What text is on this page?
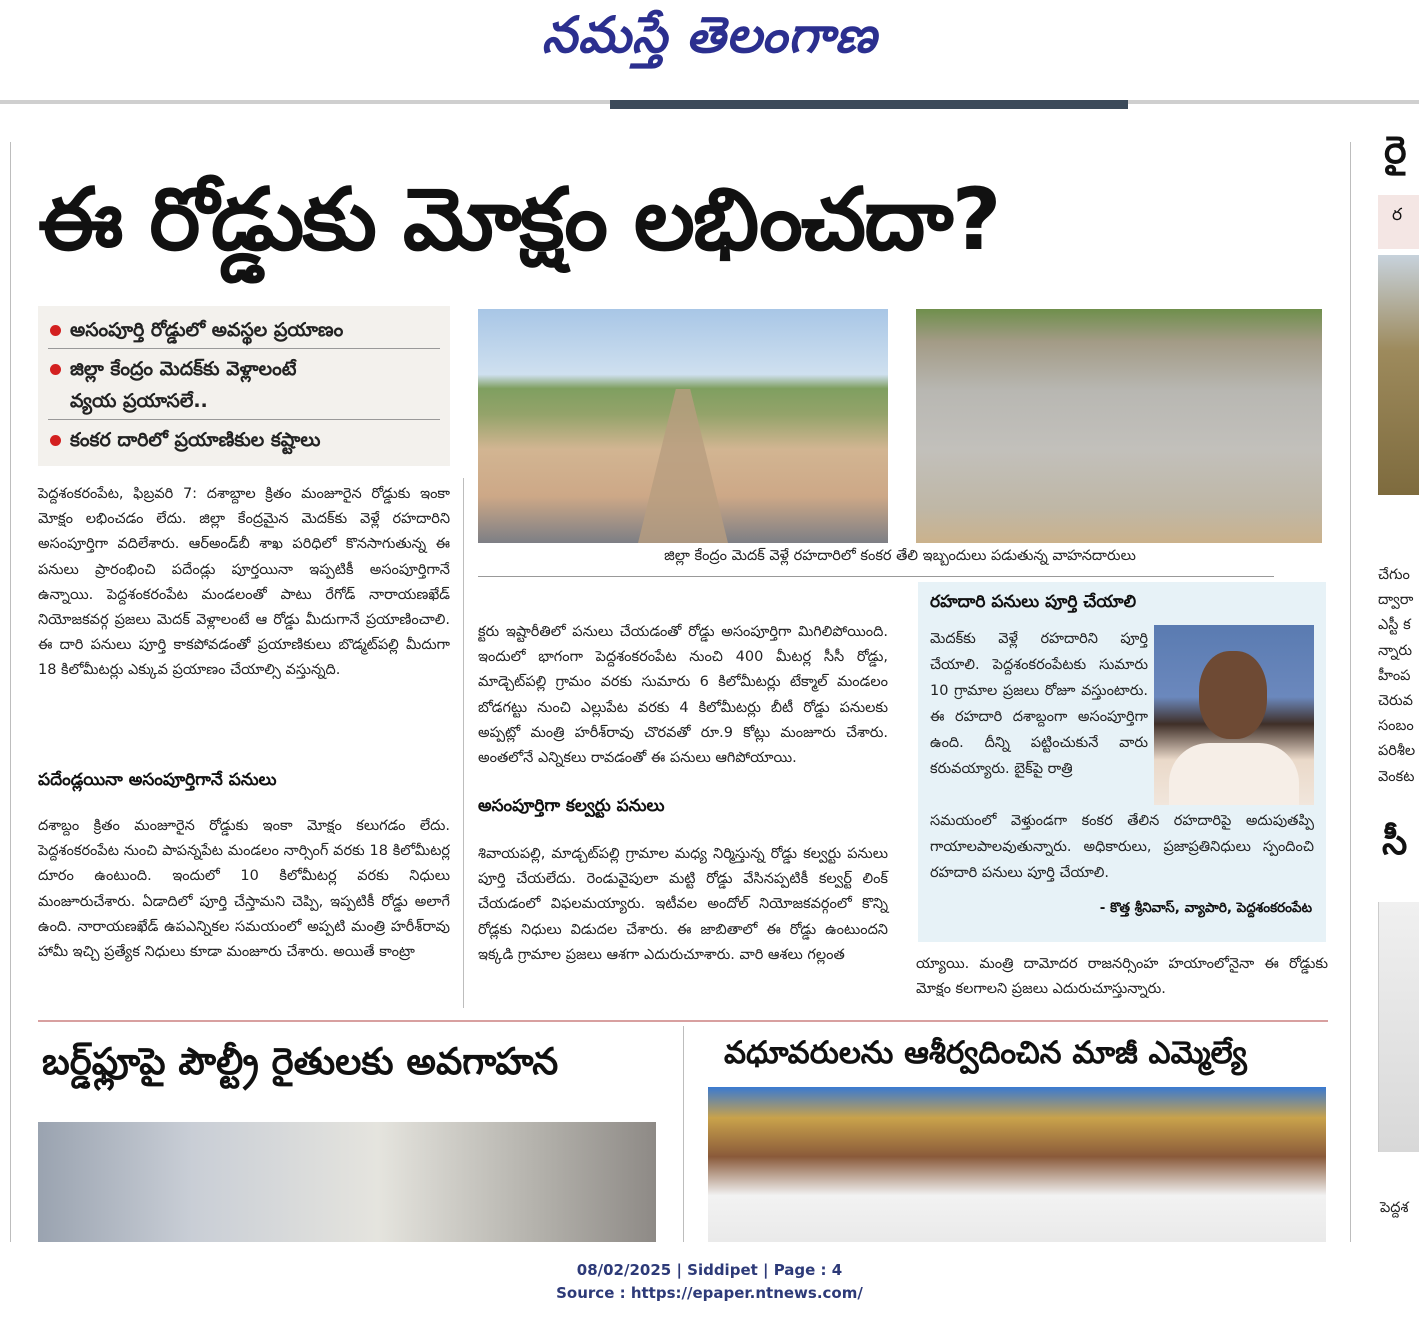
నమస్తే తెలంగాణ
ఈ రోడ్డుకు మోక్షం లభించదా?
అసంపూర్తి రోడ్డులో అవస్థల ప్రయాణం
జిల్లా కేంద్రం మెదక్‌కు వెళ్లాలంటే
వ్యయ ప్రయాసలే..
కంకర దారిలో ప్రయాణికుల కష్టాలు
పెద్దశంకరంపేట, ఫిబ్రవరి 7: దశాబ్దాల క్రితం మంజూరైన రోడ్డుకు ఇంకా మోక్షం లభించడం లేదు. జిల్లా కేంద్రమైన మెదక్‌కు వెళ్లే రహదారిని అసంపూర్తిగా వదిలేశారు. ఆర్‌అండ్‌బీ శాఖ పరిధిలో కొనసాగుతున్న ఈ పనులు ప్రారంభించి పదేండ్లు పూర్తయినా ఇప్పటికీ అసంపూర్తిగానే ఉన్నాయి. పెద్దశంకరంపేట మండలంతో పాటు రేగోడ్ నారాయణఖేడ్ నియోజకవర్గ ప్రజలు మెదక్ వెళ్లాలంటే ఆ రోడ్డు మీదుగానే ప్రయాణించాలి. ఈ దారి పనులు పూర్తి కాకపోవడంతో ప్రయాణికులు బొడ్మట్‌పల్లి మీదుగా 18 కిలోమీటర్లు ఎక్కువ ప్రయాణం చేయాల్సి వస్తున్నది.
పదేండ్లయినా అసంపూర్తిగానే పనులు
దశాబ్దం క్రితం మంజూరైన రోడ్డుకు ఇంకా మోక్షం కలుగడం లేదు. పెద్దశంకరంపేట నుంచి పాపన్నపేట మండలం నార్సింగ్ వరకు 18 కిలోమీటర్ల దూరం ఉంటుంది. ఇందులో 10 కిలోమీటర్ల వరకు నిధులు మంజూరుచేశారు. ఏడాదిలో పూర్తి చేస్తామని చెప్పి, ఇప్పటికీ రోడ్డు అలాగే ఉంది. నారాయణఖేడ్ ఉపఎన్నికల సమయంలో అప్పటి మంత్రి హరీశ్‌రావు హామీ ఇచ్చి ప్రత్యేక నిధులు కూడా మంజూరు చేశారు. అయితే కాంట్రా
జిల్లా కేంద్రం మెదక్ వెళ్లే రహదారిలో కంకర తేలి ఇబ్బందులు పడుతున్న వాహనదారులు
క్టరు ఇష్టారీతిలో పనులు చేయడంతో రోడ్డు అసంపూర్తిగా మిగిలిపోయింది. ఇందులో భాగంగా పెద్దశంకరంపేట నుంచి 400 మీటర్ల సీసీ రోడ్డు, మాడ్చెట్‌పల్లి గ్రామం వరకు సుమారు 6 కిలోమీటర్లు టేక్మాల్ మండలం బోడగట్టు నుంచి ఎల్లుపేట వరకు 4 కిలోమీటర్లు బీటీ రోడ్డు పనులకు అప్పట్లో మంత్రి హరీశ్‌రావు చొరవతో రూ.9 కోట్లు మంజూరు చేశారు. అంతలోనే ఎన్నికలు రావడంతో ఈ పనులు ఆగిపోయాయి.
అసంపూర్తిగా కల్వర్టు పనులు
శివాయపల్లి, మాడ్చట్‌పల్లి గ్రామాల మధ్య నిర్మిస్తున్న రోడ్డు కల్వర్టు పనులు పూర్తి చేయలేదు. రెండువైపులా మట్టి రోడ్డు వేసినప్పటికీ కల్వర్ట్ లింక్ చేయడంలో విఫలమయ్యారు. ఇటీవల అందోల్ నియోజకవర్గంలో కొన్ని రోడ్లకు నిధులు విడుదల చేశారు. ఈ జాబితాలో ఈ రోడ్డు ఉంటుందని ఇక్కడి గ్రామాల ప్రజలు ఆశగా ఎదురుచూశారు. వారి ఆశలు గల్లంత
రహదారి పనులు పూర్తి చేయాలి
మెదక్‌కు వెళ్లే రహదారిని పూర్తి చేయాలి. పెద్దశంకరంపేటకు సుమారు 10 గ్రామాల ప్రజలు రోజూ వస్తుంటారు. ఈ రహదారి దశాబ్దంగా అసంపూర్తిగా ఉంది. దీన్ని పట్టించుకునే వారు కరువయ్యారు. బైక్‌పై రాత్రి
సమయంలో వెళ్తుండగా కంకర తేలిన రహదారిపై అదుపుతప్పి గాయాలపాలవుతున్నారు. అధికారులు, ప్రజాప్రతినిధులు స్పందించి రహదారి పనులు పూర్తి చేయాలి.
- కొత్త శ్రీనివాస్, వ్యాపారి, పెద్దశంకరంపేట
య్యాయి. మంత్రి దామోదర రాజనర్సింహ హయాంలోనైనా ఈ రోడ్డుకు మోక్షం కలగాలని ప్రజలు ఎదురుచూస్తున్నారు.
బర్డ్‌ఫ్లూపై పౌల్ట్రీ రైతులకు అవగాహన	వధూవరులను ఆశీర్వదించిన మాజీ ఎమ్మెల్యే
రై
ర
చేగుం
ద్వారా
ఎస్టీ క
న్నారు
హీంప
చెరువ
సంబం
పరిశీల
వెంకట
సీ
పెద్దశ
08/02/2025 | Siddipet | Page : 4
Source : https://epaper.ntnews.com/
